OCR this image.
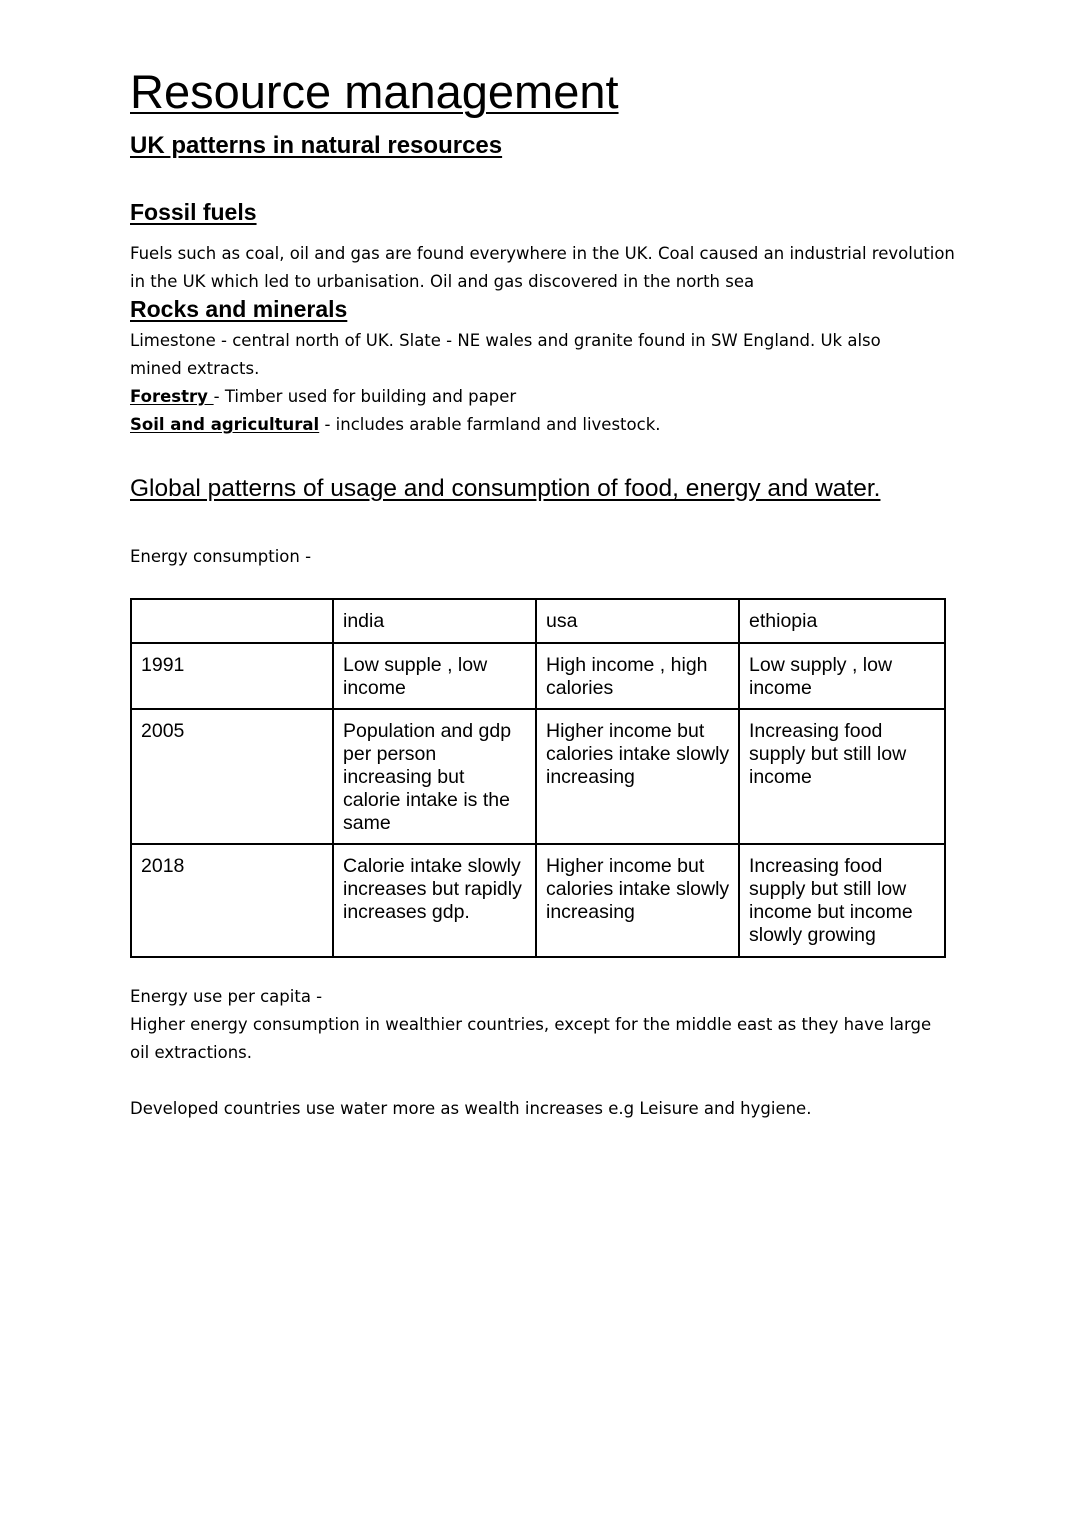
Resource management
UK patterns in natural resources
Fossil fuels
Fuels such as coal, oil and gas are found everywhere in the UK. Coal caused an industrial revolution in the UK which led to urbanisation. Oil and gas discovered in the north sea
Rocks and minerals
Limestone - central north of UK. Slate - NE wales and granite found in SW England. Uk also mined extracts.
Forestry - Timber used for building and paper
Soil and agricultural - includes arable farmland and livestock.
Global patterns of usage and consumption of food, energy and water.
Energy consumption -
	india	usa	ethiopia
1991	Low supple , low income	High income , high calories	Low supply , low income
2005	Population and gdp per person increasing but calorie intake is the same	Higher income but calories intake slowly increasing	Increasing food supply but still low income
2018	Calorie intake slowly increases but rapidly increases gdp.	Higher income but calories intake slowly increasing	Increasing food supply but still low income but income slowly growing
Energy use per capita -
Higher energy consumption in wealthier countries, except for the middle east as they have large oil extractions.
Developed countries use water more as wealth increases e.g Leisure and hygiene.
